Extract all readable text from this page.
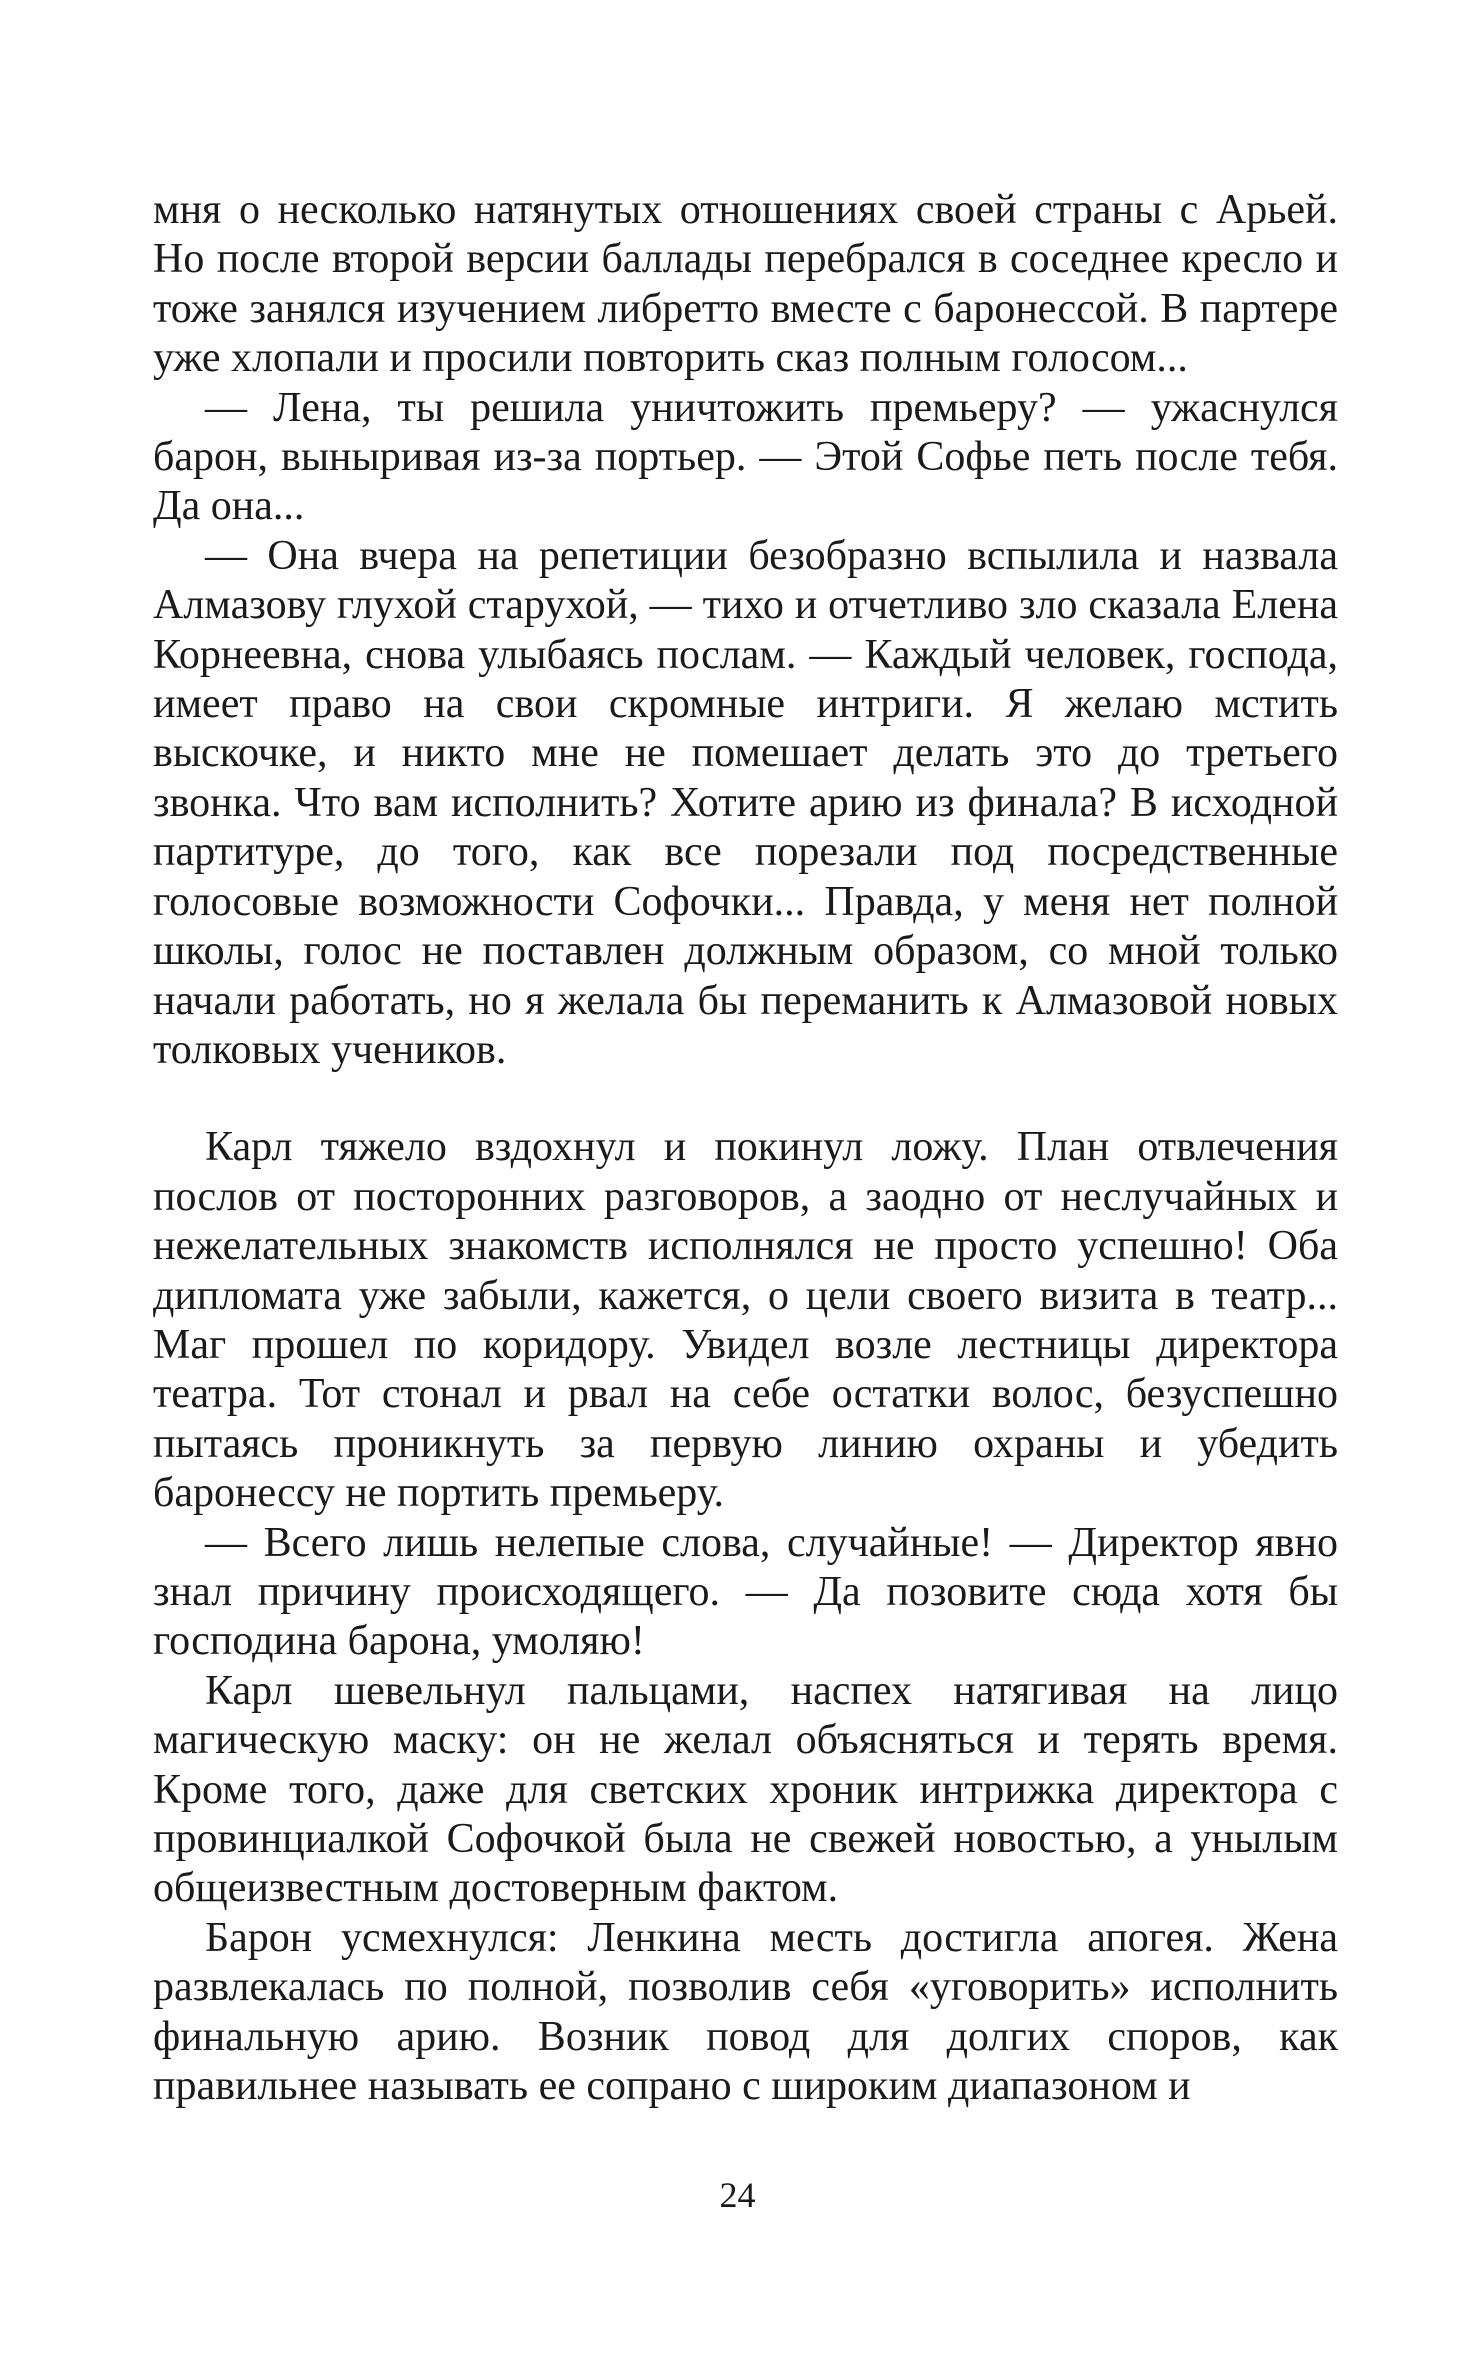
мня о несколько натянутых отношениях своей страны с Арьей. Но после второй версии баллады перебрался в соседнее кресло и тоже занялся изучением либретто вместе с баронессой. В партере уже хлопали и просили повторить сказ полным голосом...

— Лена, ты решила уничтожить премьеру? — ужаснулся барон, выныривая из-за портьер. — Этой Софье петь после тебя. Да она...

— Она вчера на репетиции безобразно вспылила и назвала Алмазову глухой старухой, — тихо и отчетливо зло сказала Елена Корнеевна, снова улыбаясь послам. — Каждый человек, господа, имеет право на свои скромные интриги. Я желаю мстить выскочке, и никто мне не помешает делать это до третьего звонка. Что вам исполнить? Хотите арию из финала? В исходной партитуре, до того, как все порезали под посредственные голосовые возможности Софочки... Правда, у меня нет полной школы, голос не поставлен должным образом, со мной только начали работать, но я желала бы переманить к Алмазовой новых толковых учеников.

Карл тяжело вздохнул и покинул ложу. План отвлечения послов от посторонних разговоров, а заодно от неслучайных и нежелательных знакомств исполнялся не просто успешно! Оба дипломата уже забыли, кажется, о цели своего визита в театр... Маг прошел по коридору. Увидел возле лестницы директора театра. Тот стонал и рвал на себе остатки волос, безуспешно пытаясь проникнуть за первую линию охраны и убедить баронессу не портить премьеру.

— Всего лишь нелепые слова, случайные! — Директор явно знал причину происходящего. — Да позовите сюда хотя бы господина барона, умоляю!

Карл шевельнул пальцами, наспех натягивая на лицо магическую маску: он не желал объясняться и терять время. Кроме того, даже для светских хроник интрижка директора с провинциалкой Софочкой была не свежей новостью, а унылым общеизвестным достоверным фактом.

Барон усмехнулся: Ленкина месть достигла апогея. Жена развлекалась по полной, позволив себя «уговорить» исполнить финальную арию. Возник повод для долгих споров, как правильнее называть ее сопрано с широким диапазоном и

24
